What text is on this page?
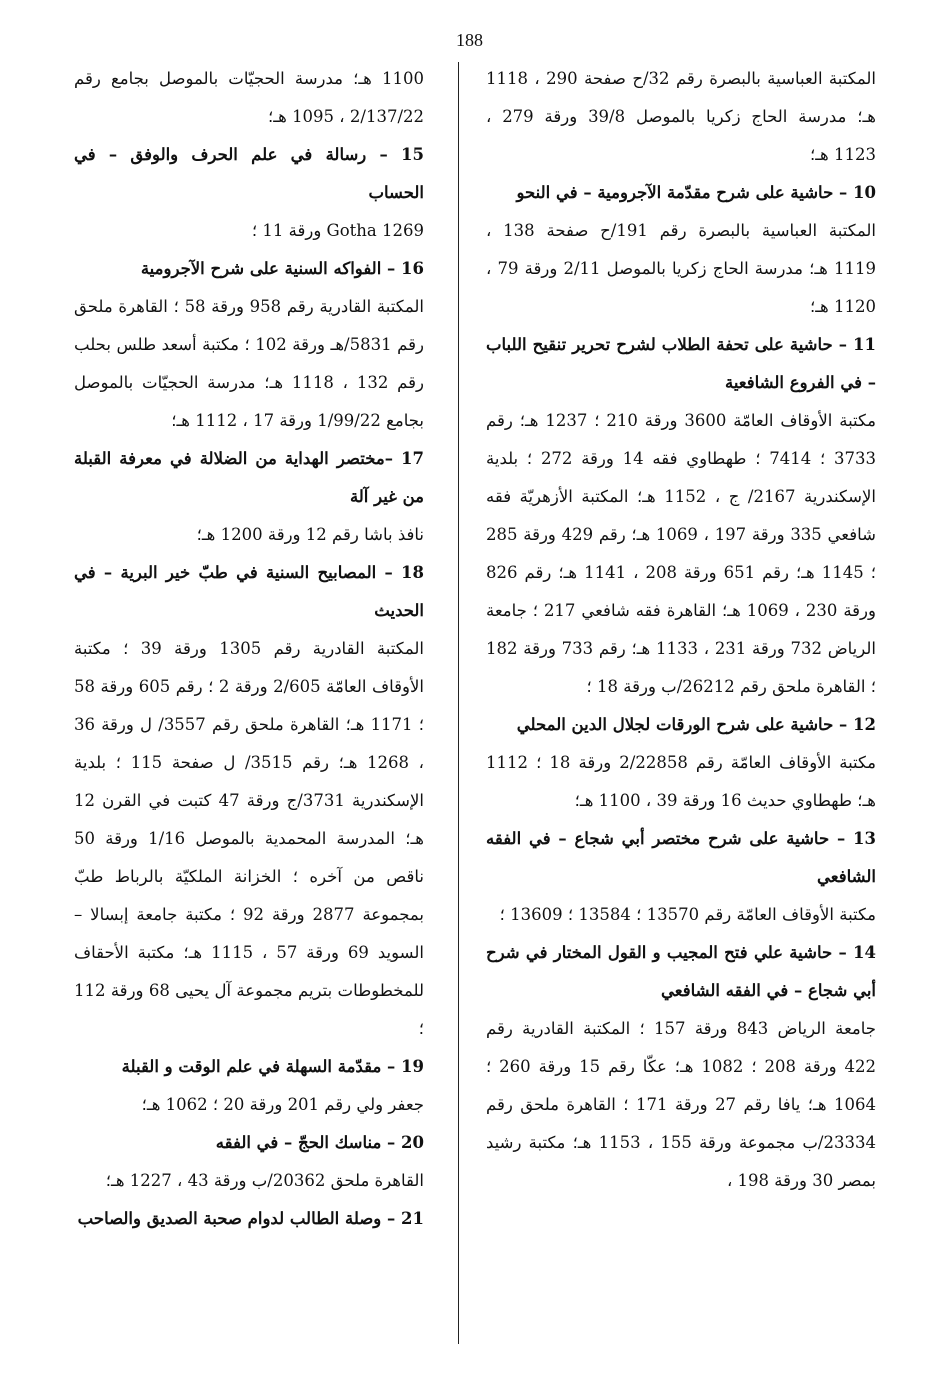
188

المكتبة العباسية بالبصرة رقم 32/ح صفحة 290 ، 1118 هـ؛ مدرسة الحاج زكريا بالموصل 39/8 ورقة 279 ، 1123 هـ؛

10 – حاشية على شرح مقدّمة الآجرومية – في النحو

المكتبة العباسية بالبصرة رقم 191/ح صفحة 138 ، 1119 هـ؛ مدرسة الحاج زكريا بالموصل 2/11 ورقة 79 ، 1120 هـ؛

11 – حاشية على تحفة الطلاب لشرح تحرير تنقيح اللباب – في الفروع الشافعية

مكتبة الأوقاف العامّة 3600 ورقة 210 ؛ 1237 هـ؛ رقم 3733 ؛ 7414 ؛ طهطاوي فقه 14 ورقة 272 ؛ بلدية الإسكندرية 2167/ ج ، 1152 هـ؛ المكتبة الأزهريّة فقه شافعي 335 ورقة 197 ، 1069 هـ؛ رقم 429 ورقة 285 ؛ 1145 هـ؛ رقم 651 ورقة 208 ، 1141 هـ؛ رقم 826 ورقة 230 ، 1069 هـ؛ القاهرة فقه شافعي 217 ؛ جامعة الرياض 732 ورقة 231 ، 1133 هـ؛ رقم 733 ورقة 182 ؛ القاهرة ملحق رقم 26212/ب ورقة 18 ؛

12 – حاشية على شرح الورقات لجلال الدين المحلي

مكتبة الأوقاف العامّة رقم 2/22858 ورقة 18 ؛ 1112 هـ؛ طهطاوي حديث 16 ورقة 39 ، 1100 هـ؛

13 – حاشية على شرح مختصر أبي شجاع – في الفقه الشافعي

مكتبة الأوقاف العامّة رقم 13570 ؛ 13584 ؛ 13609 ؛

14 – حاشية علي فتح المجيب و القول المختار في شرح أبي شجاع – في الفقه الشافعي

جامعة الرياض 843 ورقة 157 ؛ المكتبة القادرية رقم 422 ورقة 208 ؛ 1082 هـ؛ عكّا رقم 15 ورقة 260 ؛ 1064 هـ؛ يافا رقم 27 ورقة 171 ؛ القاهرة ملحق رقم 23334/ب مجموعة ورقة 155 ، 1153 هـ؛ مكتبة رشيد بمصر 30 ورقة 198 ،

1100 هـ؛ مدرسة الحجيّات بالموصل بجامع رقم 2/137/22 ، 1095 هـ؛

15 – رسالة في علم الحرف والوفق – في الحساب

Gotha 1269 ورقة 11 ؛

16 – الفواكه السنية على شرح الآجرومية

المكتبة القادرية رقم 958 ورقة 58 ؛ القاهرة ملحق رقم 5831/هـ ورقة 102 ؛ مكتبة أسعد طلس بحلب رقم 132 ، 1118 هـ؛ مدرسة الحجيّات بالموصل بجامع 1/99/22 ورقة 17 ، 1112 هـ؛

17 –مختصر الهداية من الضلالة في معرفة القبلة من غير آلة

نافذ باشا رقم 12 ورقة 1200 هـ؛

18 – المصابيح السنية في طبّ خير البرية – في الحديث

المكتبة القادرية رقم 1305 ورقة 39 ؛ مكتبة الأوقاف العامّة 2/605 ورقة 2 ؛ رقم 605 ورقة 58 ؛ 1171 هـ؛ القاهرة ملحق رقم 3557/ ل ورقة 36 ، 1268 هـ؛ رقم 3515/ ل صفحة 115 ؛ بلدية الإسكندرية 3731/ج ورقة 47 كتبت في القرن 12 هـ؛ المدرسة المحمدية بالموصل 1/16 ورقة 50 ناقص من آخره ؛ الخزانة الملكيّة بالرباط طبّ بمجموعة 2877 ورقة 92 ؛ مكتبة جامعة إبسالا – السويد 69 ورقة 57 ، 1115 هـ؛ مكتبة الأحقاف للمخطوطات بتريم مجموعة آل يحيى 68 ورقة 112 ؛

19 – مقدّمة السهلة في علم الوقت و القبلة

جعفر ولي رقم 201 ورقة 20 ؛ 1062 هـ؛

20 – مناسك الحجّ – في الفقه

القاهرة ملحق 20362/ب ورقة 43 ، 1227 هـ؛

21 – وصلة الطالب لدوام صحبة الصديق والصاحب
